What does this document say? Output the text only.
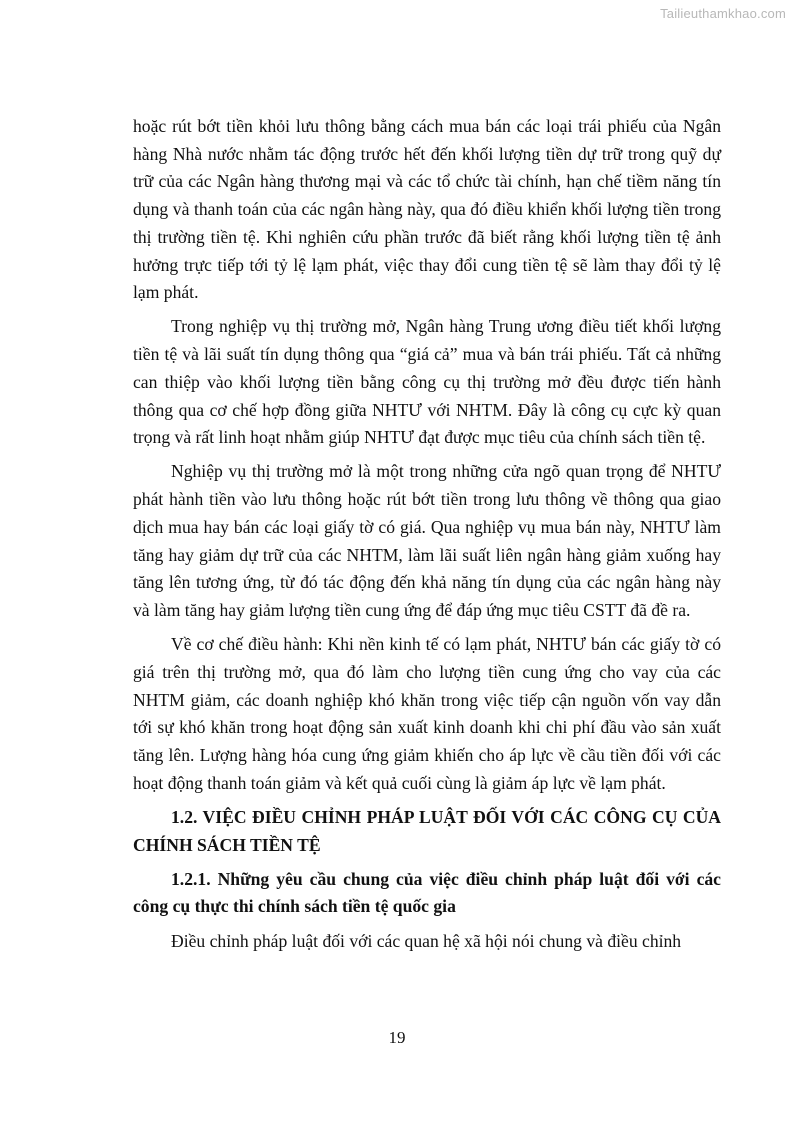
Tailieuthamkhao.com

hoặc rút bớt tiền khỏi lưu thông bằng cách mua bán các loại trái phiếu của Ngân hàng Nhà nước nhằm tác động trước hết đến khối lượng tiền dự trữ trong quỹ dự trữ của các Ngân hàng thương mại và các tổ chức tài chính, hạn chế tiềm năng tín dụng và thanh toán của các ngân hàng này, qua đó điều khiển khối lượng tiền trong thị trường tiền tệ. Khi nghiên cứu phần trước đã biết rằng khối lượng tiền tệ ảnh hưởng trực tiếp tới tỷ lệ lạm phát, việc thay đổi cung tiền tệ sẽ làm thay đổi tỷ lệ lạm phát.

Trong nghiệp vụ thị trường mở, Ngân hàng Trung ương điều tiết khối lượng tiền tệ và lãi suất tín dụng thông qua “giá cả” mua và bán trái phiếu. Tất cả những can thiệp vào khối lượng tiền bằng công cụ thị trường mở đều được tiến hành thông qua cơ chế hợp đồng giữa NHTƯ với NHTM. Đây là công cụ cực kỳ quan trọng và rất linh hoạt nhằm giúp NHTƯ đạt được mục tiêu của chính sách tiền tệ.

Nghiệp vụ thị trường mở là một trong những cửa ngõ quan trọng để NHTƯ phát hành tiền vào lưu thông hoặc rút bớt tiền trong lưu thông về thông qua giao dịch mua hay bán các loại giấy tờ có giá. Qua nghiệp vụ mua bán này, NHTƯ làm tăng hay giảm dự trữ của các NHTM, làm lãi suất liên ngân hàng giảm xuống hay tăng lên tương ứng, từ đó tác động đến khả năng tín dụng của các ngân hàng này và làm tăng hay giảm lượng tiền cung ứng để đáp ứng mục tiêu CSTT đã đề ra.

Về cơ chế điều hành: Khi nền kinh tế có lạm phát, NHTƯ bán các giấy tờ có giá trên thị trường mở, qua đó làm cho lượng tiền cung ứng cho vay của các NHTM giảm, các doanh nghiệp khó khăn trong việc tiếp cận nguồn vốn vay dẫn tới sự khó khăn trong hoạt động sản xuất kinh doanh khi chi phí đầu vào sản xuất tăng lên. Lượng hàng hóa cung ứng giảm khiến cho áp lực về cầu tiền đối với các hoạt động thanh toán giảm và kết quả cuối cùng là giảm áp lực về lạm phát.

1.2. VIỆC ĐIỀU CHỈNH PHÁP LUẬT ĐỐI VỚI CÁC CÔNG CỤ CỦA CHÍNH SÁCH TIỀN TỆ

1.2.1. Những yêu cầu chung của việc điều chỉnh pháp luật đối với các công cụ thực thi chính sách tiền tệ quốc gia

Điều chỉnh pháp luật đối với các quan hệ xã hội nói chung và điều chỉnh

19
